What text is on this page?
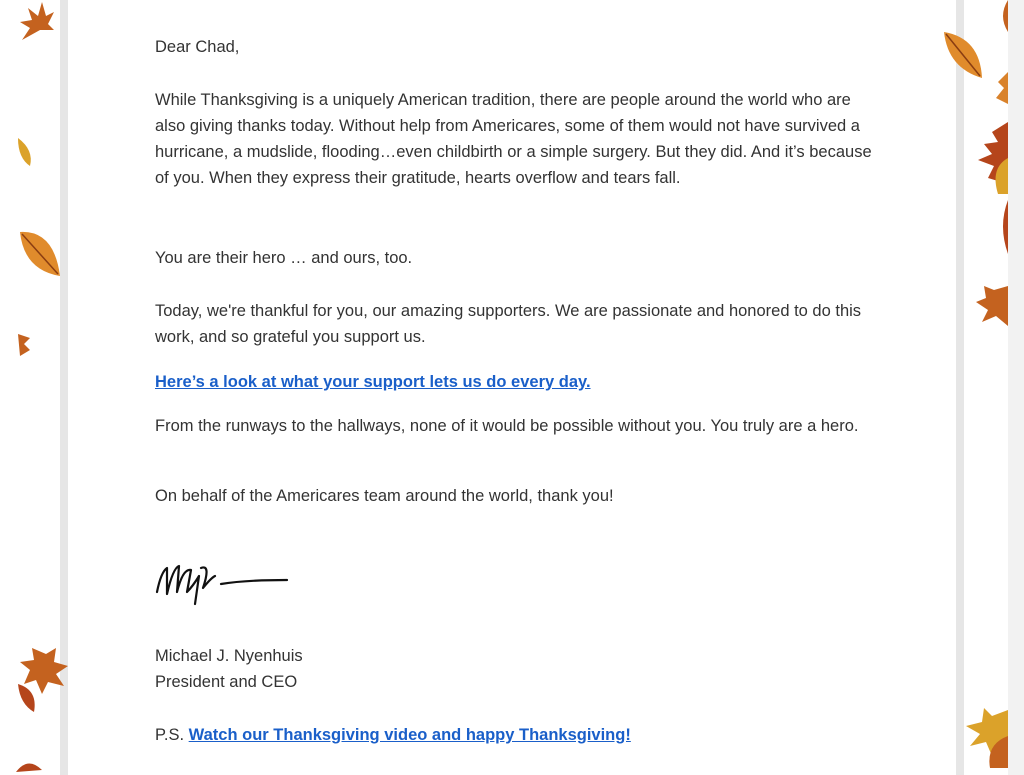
Dear Chad,

While Thanksgiving is a uniquely American tradition, there are people around the world who are also giving thanks today. Without help from Americares, some of them would not have survived a hurricane, a mudslide, flooding…even childbirth or a simple surgery. But they did. And it’s because of you. When they express their gratitude, hearts overflow and tears fall.

You are their hero … and ours, too.

Today, we're thankful for you, our amazing supporters. We are passionate and honored to do this work, and so grateful you support us.

Here’s a look at what your support lets us do every day.

From the runways to the hallways, none of it would be possible without you. You truly are a hero.

On behalf of the Americares team around the world, thank you!

Michael J. Nyenhuis

President and CEO

P.S. Watch our Thanksgiving video and happy Thanksgiving!
